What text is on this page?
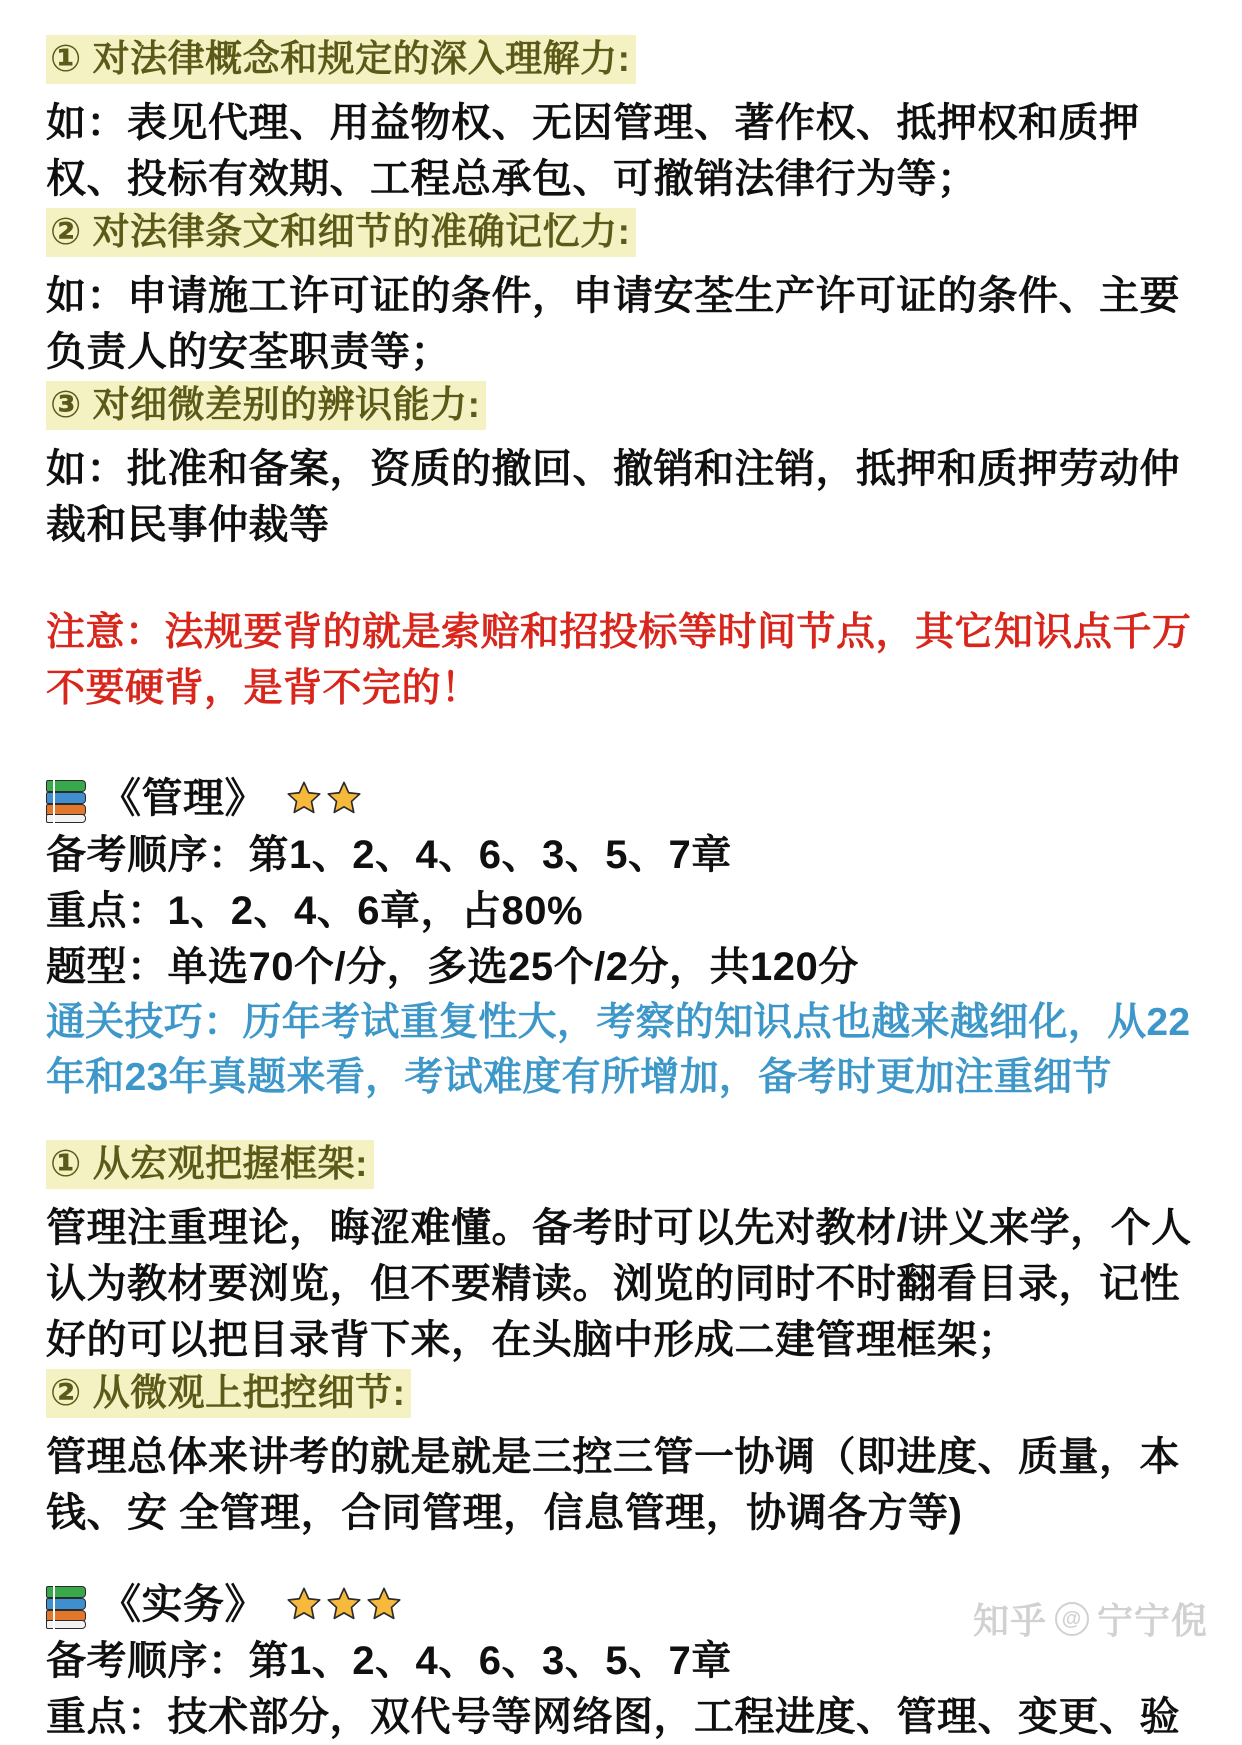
① 对法律概念和规定的深入理解力:
如：表见代理、用益物权、无因管理、著作权、抵押权和质押权、投标有效期、工程总承包、可撤销法律行为等；
② 对法律条文和细节的准确记忆力:
如：申请施工许可证的条件，申请安荃生产许可证的条件、主要负责人的安荃职责等；
③ 对细微差别的辨识能力:
如：批准和备案，资质的撤回、撤销和注销，抵押和质押劳动仲裁和民事仲裁等
注意：法规要背的就是索赔和招投标等时间节点，其它知识点千万不要硬背，是背不完的！
《管理》
备考顺序：第1、2、4、6、3、5、7章
重点：1、2、4、6章，占80%
题型：单选70个/分，多选25个/2分，共120分
通关技巧：历年考试重复性大，考察的知识点也越来越细化，从22年和23年真题来看，考试难度有所增加，备考时更加注重细节
① 从宏观把握框架:
管理注重理论，晦涩难懂。备考时可以先对教材/讲义来学，个人认为教材要浏览，但不要精读。浏览的同时不时翻看目录，记性好的可以把目录背下来，在头脑中形成二建管理框架；
② 从微观上把控细节:
管理总体来讲考的就是就是三控三管一协调（即进度、质量，本钱、安 全管理，合同管理，信息管理，协调各方等)
《实务》
备考顺序：第1、2、4、6、3、5、7章
重点：技术部分，双代号等网络图，工程进度、管理、变更、验
知乎 @ 宁宁倪
